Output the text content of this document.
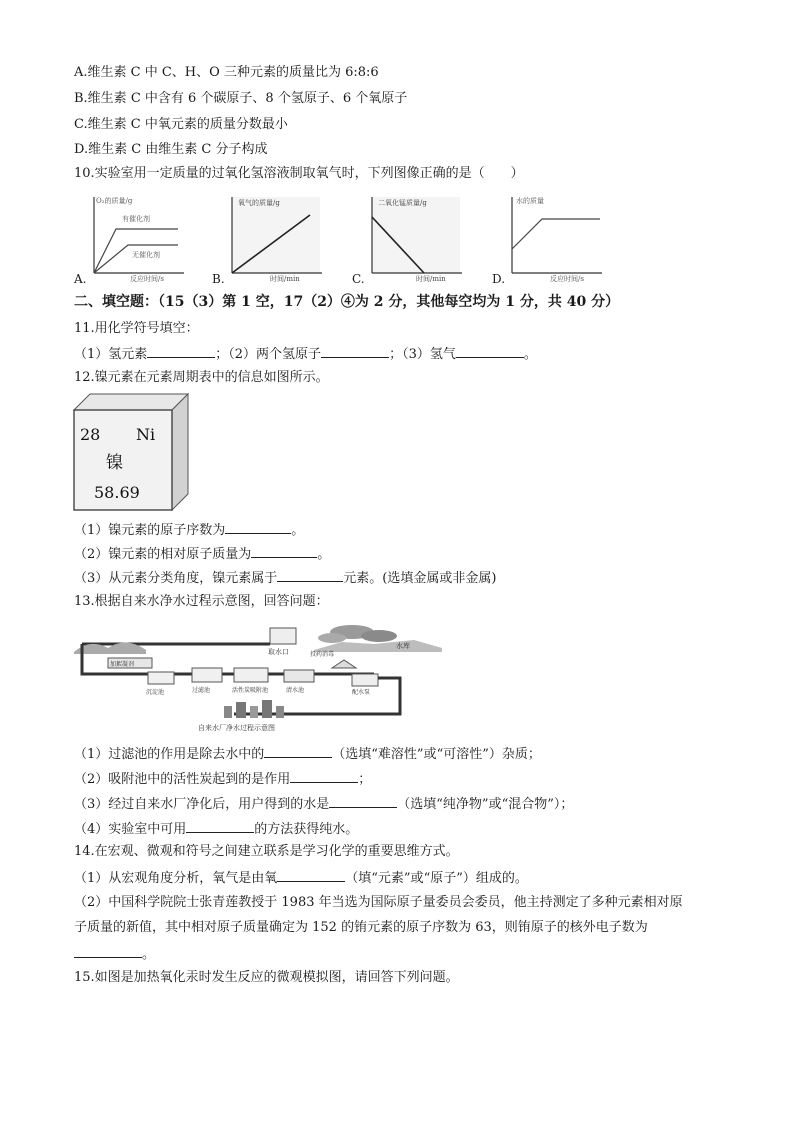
A.维生素 C 中 C、H、O 三种元素的质量比为 6:8:6
B.维生素 C 中含有 6 个碳原子、8 个氢原子、6 个氧原子
C.维生素 C 中氧元素的质量分数最小
D.维生素 C 由维生素 C 分子构成
10.实验室用一定质量的过氧化氢溶液制取氧气时，下列图像正确的是（　　）
A.
O₂的质量/g
有催化剂
无催化剂
反应时间/s	B.
氧气的质量/g
时间/min	C.
二氧化锰质量/g
时间/min	D.
水的质量
反应时间/s
二、填空题：（15（3）第 1 空，17（2）④为 2 分，其他每空均为 1 分，共 40 分）
11.用化学符号填空：
（1）氢元素	；（2）两个氢原子	；（3）氢气	。
12.镍元素在元素周期表中的信息如图所示。
28 Ni
镍
58.69
（1）镍元素的原子序数为	。
（2）镍元素的相对原子质量为	。
（3）从元素分类角度，镍元素属于	元素。(选填金属或非金属)
13.根据自来水净水过程示意图，回答问题：
水库
取水口
加絮凝剂
沉淀池	过滤池	活性炭吸附池	清水池
投药消毒
配水泵
自来水厂净水过程示意图
（1）过滤池的作用是除去水中的	（选填“难溶性”或“可溶性”）杂质；
（2）吸附池中的活性炭起到的是作用	；
（3）经过自来水厂净化后，用户得到的水是	（选填“纯净物”或“混合物”）；
（4）实验室中可用	的方法获得纯水。
14.在宏观、微观和符号之间建立联系是学习化学的重要思维方式。
（1）从宏观角度分析，氧气是由氧	（填“元素”或“原子”）组成的。
（2）中国科学院院士张青莲教授于 1983 年当选为国际原子量委员会委员，他主持测定了多种元素相对原
子质量的新值，其中相对原子质量确定为 152 的铕元素的原子序数为 63，则铕原子的核外电子数为
。
15.如图是加热氧化汞时发生反应的微观模拟图，请回答下列问题。
